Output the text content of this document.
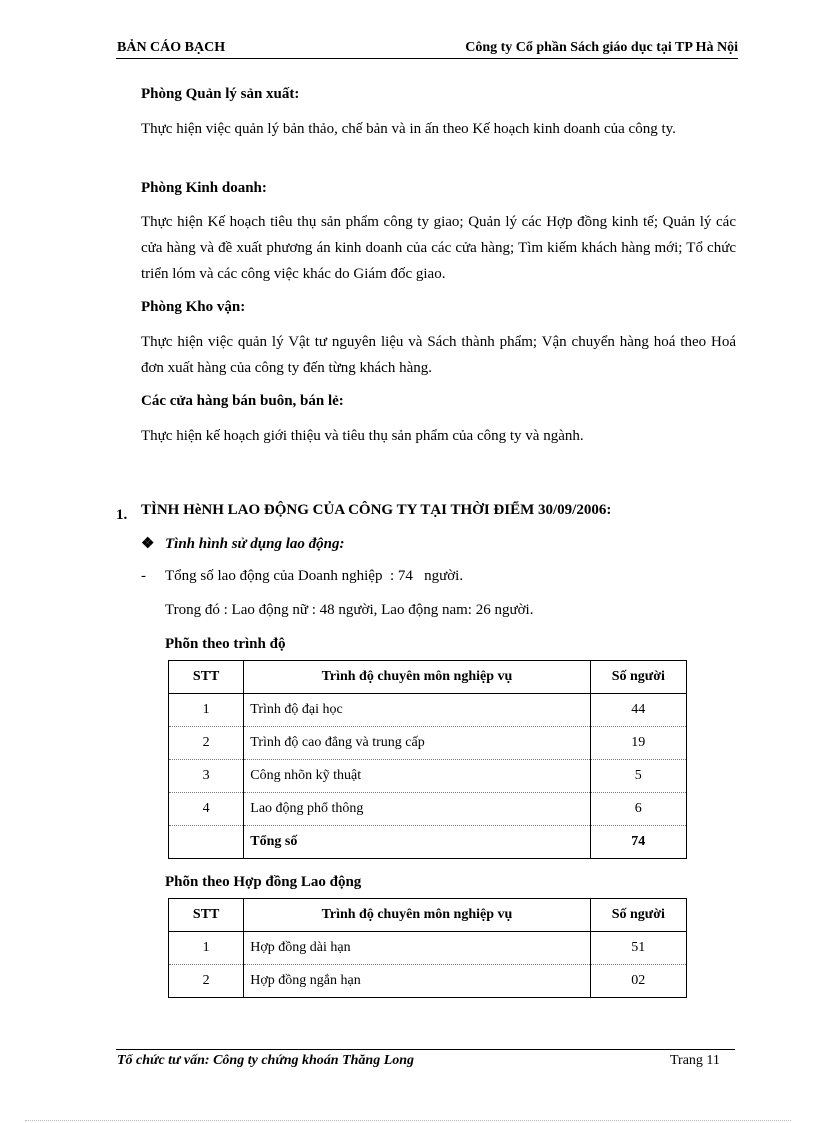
BẢN CÁO BẠCH	Công ty Cổ phần Sách giáo dục tại TP Hà Nội
Phòng Quản lý sản xuất:
Thực hiện việc quản lý bản thảo, chế bản và in ấn theo Kế hoạch kinh doanh của công ty.
Phòng Kinh doanh:
Thực hiện Kế hoạch tiêu thụ sản phẩm công ty giao; Quản lý các Hợp đồng kinh tế; Quản lý các cửa hàng và đề xuất phương án kinh doanh của các cửa hàng; Tìm kiếm khách hàng mới; Tổ chức triển lóm và các công việc khác do Giám đốc giao.
Phòng Kho vận:
Thực hiện việc quản lý Vật tư nguyên liệu và Sách thành phẩm; Vận chuyển hàng hoá theo Hoá đơn xuất hàng của công ty đến từng khách hàng.
Các cửa hàng bán buôn, bán lẻ:
Thực hiện kế hoạch giới thiệu và tiêu thụ sản phẩm của công ty và ngành.
1. TÌNH HèNH LAO ĐỘNG CỦA CÔNG TY TẠI THỜI ĐIỂM 30/09/2006:
❖ Tình hình sử dụng lao động:
- Tổng số lao động của Doanh nghiệp  : 74   người.
Trong đó : Lao động nữ : 48 người, Lao động nam: 26 người.
Phõn theo trình độ
STT	Trình độ chuyên môn nghiệp vụ	Số người
1	Trình độ đại học	44
2	Trình độ cao đẳng và trung cấp	19
3	Công nhõn kỹ thuật	5
4	Lao động phổ thông	6
	Tổng số	74
Phõn theo Hợp đồng Lao động
STT	Trình độ chuyên môn nghiệp vụ	Số người
1	Hợp đồng dài hạn	51
2	Hợp đồng ngắn hạn	02
Tổ chức tư vấn: Công ty chứng khoán Thăng Long	Trang 11
